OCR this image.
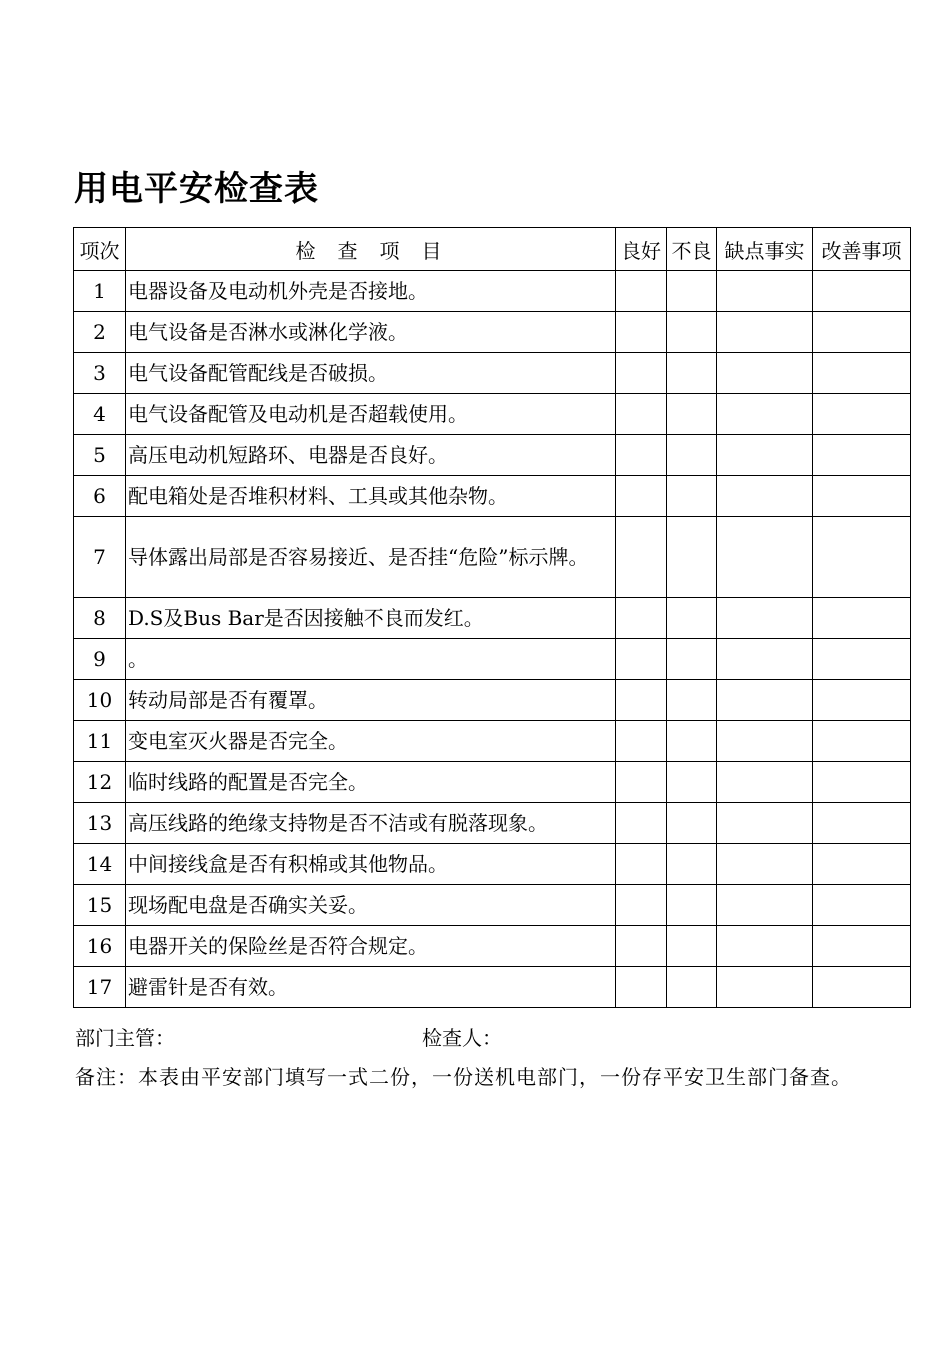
用电平安检查表
项次	检查项目	良好	不良	缺点事实	改善事项
1	电器设备及电动机外壳是否接地。				
2	电气设备是否淋水或淋化学液。				
3	电气设备配管配线是否破损。				
4	电气设备配管及电动机是否超载使用。				
5	高压电动机短路环、电器是否良好。				
6	配电箱处是否堆积材料、工具或其他杂物。				
7	导体露出局部是否容易接近、是否挂“危险”标示牌。				
8	D.S及Bus Bar是否因接触不良而发红。				
9	。				
10	转动局部是否有覆罩。				
11	变电室灭火器是否完全。				
12	临时线路的配置是否完全。				
13	高压线路的绝缘支持物是否不洁或有脱落现象。				
14	中间接线盒是否有积棉或其他物品。				
15	现场配电盘是否确实关妥。				
16	电器开关的保险丝是否符合规定。				
17	避雷针是否有效。				
部门主管：	检查人：
备注：本表由平安部门填写一式二份，一份送机电部门，一份存平安卫生部门备查。
